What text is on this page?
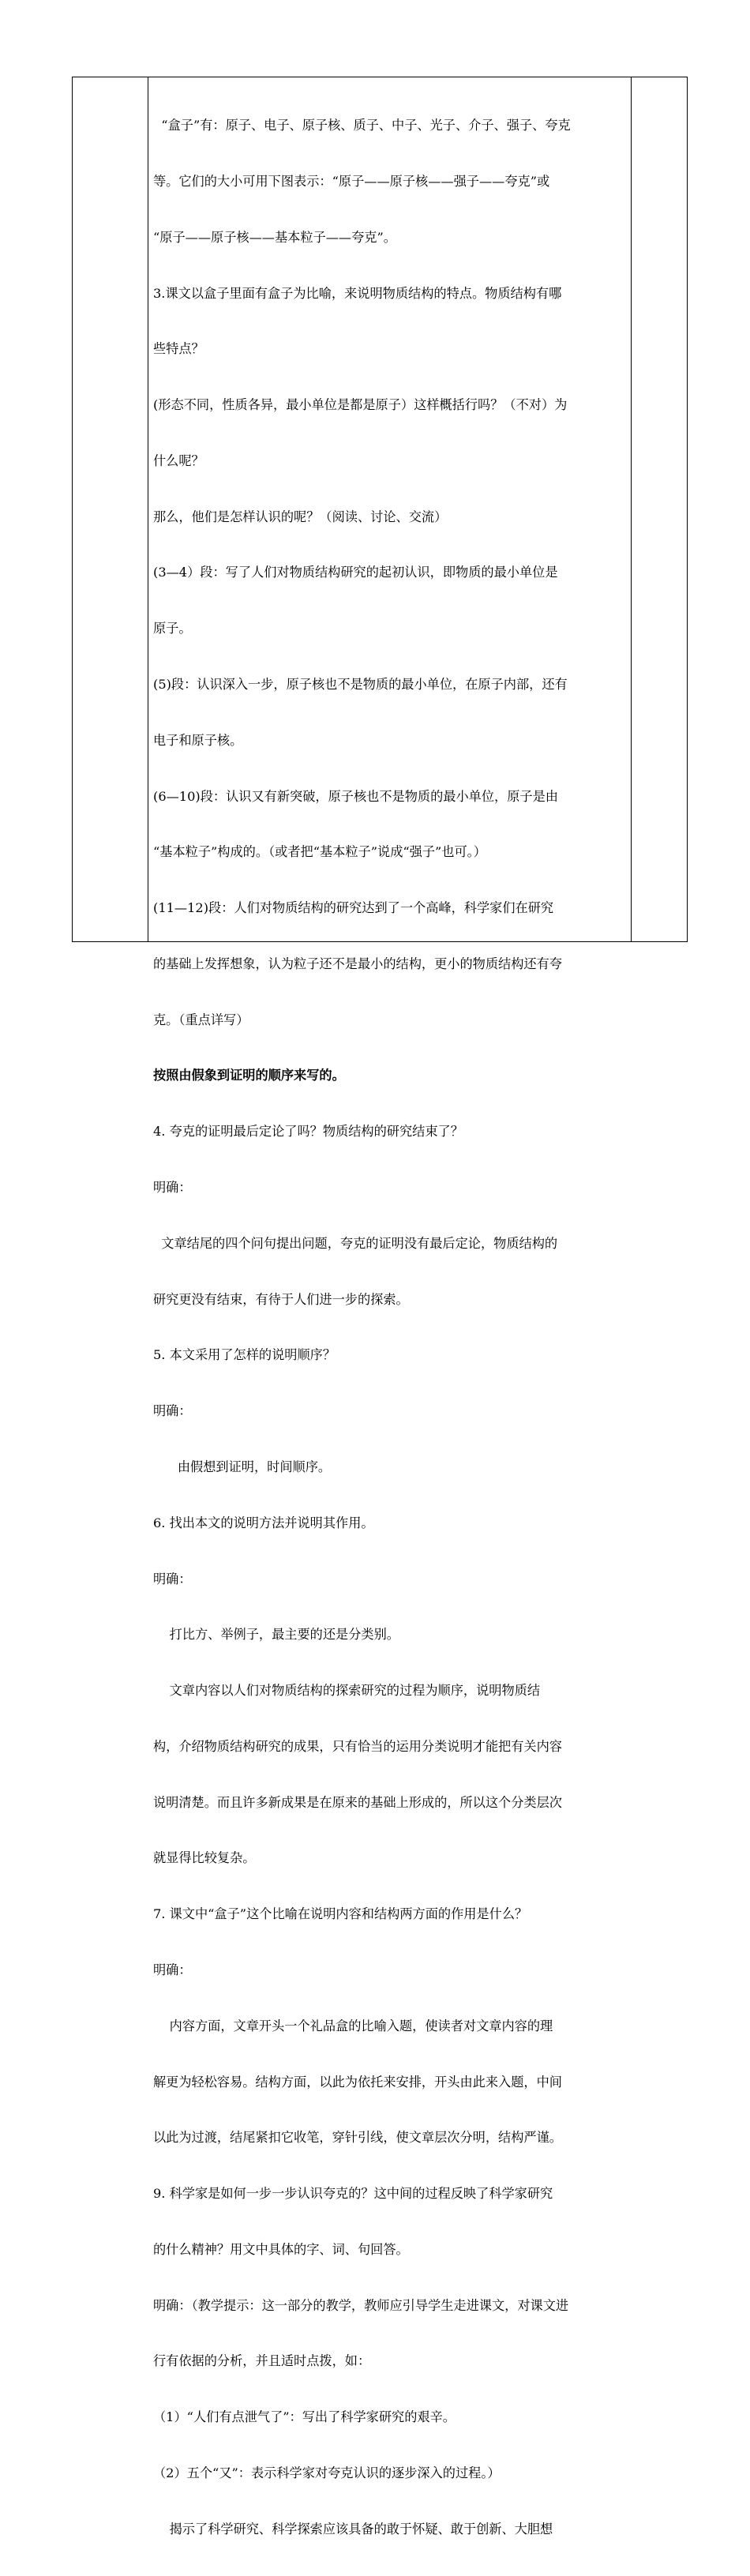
“盒子”有：原子、电子、原子核、质子、中子、光子、介子、强子、夸克

等。它们的大小可用下图表示：“原子——原子核——强子——夸克”或

“原子——原子核——基本粒子——夸克”。

3.课文以盒子里面有盒子为比喻，来说明物质结构的特点。物质结构有哪

些特点？

(形态不同，性质各异，最小单位是都是原子）这样概括行吗？（不对）为

什么呢？

那么，他们是怎样认识的呢？（阅读、讨论、交流）

(3—4）段：写了人们对物质结构研究的起初认识，即物质的最小单位是

原子。

(5)段：认识深入一步，原子核也不是物质的最小单位，在原子内部，还有

电子和原子核。

(6—10)段：认识又有新突破，原子核也不是物质的最小单位，原子是由

“基本粒子”构成的。（或者把“基本粒子”说成“强子”也可。）

(11—12)段：人们对物质结构的研究达到了一个高峰，科学家们在研究

的基础上发挥想象，认为粒子还不是最小的结构，更小的物质结构还有夸

克。（重点详写）

按照由假象到证明的顺序来写的。

4. 夸克的证明最后定论了吗？物质结构的研究结束了？

明确：

文章结尾的四个问句提出问题，夸克的证明没有最后定论，物质结构的

研究更没有结束，有待于人们进一步的探索。

5. 本文采用了怎样的说明顺序？

明确：

由假想到证明，时间顺序。

6. 找出本文的说明方法并说明其作用。

明确：

打比方、举例子，最主要的还是分类别。

文章内容以人们对物质结构的探索研究的过程为顺序，说明物质结

构，介绍物质结构研究的成果，只有恰当的运用分类说明才能把有关内容

说明清楚。而且许多新成果是在原来的基础上形成的，所以这个分类层次

就显得比较复杂。

7. 课文中“盒子”这个比喻在说明内容和结构两方面的作用是什么？

明确：

内容方面，文章开头一个礼品盒的比喻入题，使读者对文章内容的理

解更为轻松容易。结构方面，以此为依托来安排，开头由此来入题，中间

以此为过渡，结尾紧扣它收笔，穿针引线，使文章层次分明，结构严谨。

9. 科学家是如何一步一步认识夸克的？这中间的过程反映了科学家研究

的什么精神？用文中具体的字、词、句回答。

明确：（教学提示：这一部分的教学，教师应引导学生走进课文，对课文进

行有依据的分析，并且适时点拨，如：

（1）“人们有点泄气了”：写出了科学家研究的艰辛。

（2）五个“又”：表示科学家对夸克认识的逐步深入的过程。）

揭示了科学研究、科学探索应该具备的敢于怀疑、敢于创新、大胆想
